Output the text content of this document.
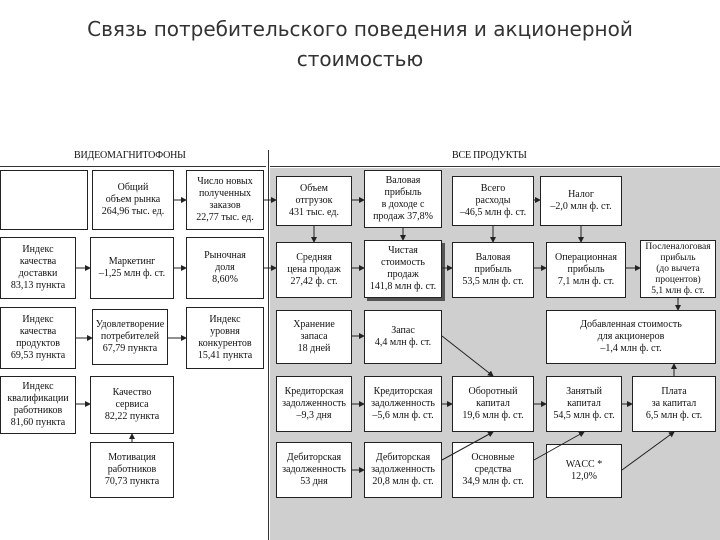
Связь потребительского поведения и акционерной
стоимостью
ВИДЕОМАГНИТОФОНЫ	ВСЕ ПРОДУКТЫ
Индекс
качества
доставки
83,13 пункта
Индекс
качества
продуктов
69,53 пункта
Индекс
квалификации
работников
81,60 пункта
Общий
объем рынка
264,96 тыс. ед.
Маркетинг
–1,25 млн ф. ст.
Удовлетворение
потребителей
67,79 пункта
Качество
сервиса
82,22 пункта
Мотивация
работников
70,73 пункта
Число новых
полученных
заказов
22,77 тыс. ед.
Рыночная
доля
8,60%
Индекс
уровня
конкурентов
15,41 пункта
Объем
отгрузок
431 тыс. ед.
Валовая
прибыль
в доходе с
продаж 37,8%
Всего
расходы
–46,5 млн ф. ст.
Налог
–2,0 млн ф. ст.
Средняя
цена продаж
27,42 ф. ст.
Чистая
стоимость
продаж
141,8 млн ф. ст.
Валовая
прибыль
53,5 млн ф. ст.
Операционная
прибыль
7,1 млн ф. ст.
Посленалоговая
прибыль
(до вычета
процентов)
5,1 млн ф. ст.
Хранение
запаса
18 дней
Запас
4,4 млн ф. ст.
Добавленная стоимость
для акционеров
–1,4 млн ф. ст.
Кредиторская
задолженность
–9,3 дня
Кредиторская
задолженность
–5,6 млн ф. ст.
Оборотный
капитал
19,6 млн ф. ст.
Занятый
капитал
54,5 млн ф. ст.
Плата
за капитал
6,5 млн ф. ст.
Дебиторская
задолженность
53 дня
Дебиторская
задолженность
20,8 млн ф. ст.
Основные
средства
34,9 млн ф. ст.
WACC *
12,0%
